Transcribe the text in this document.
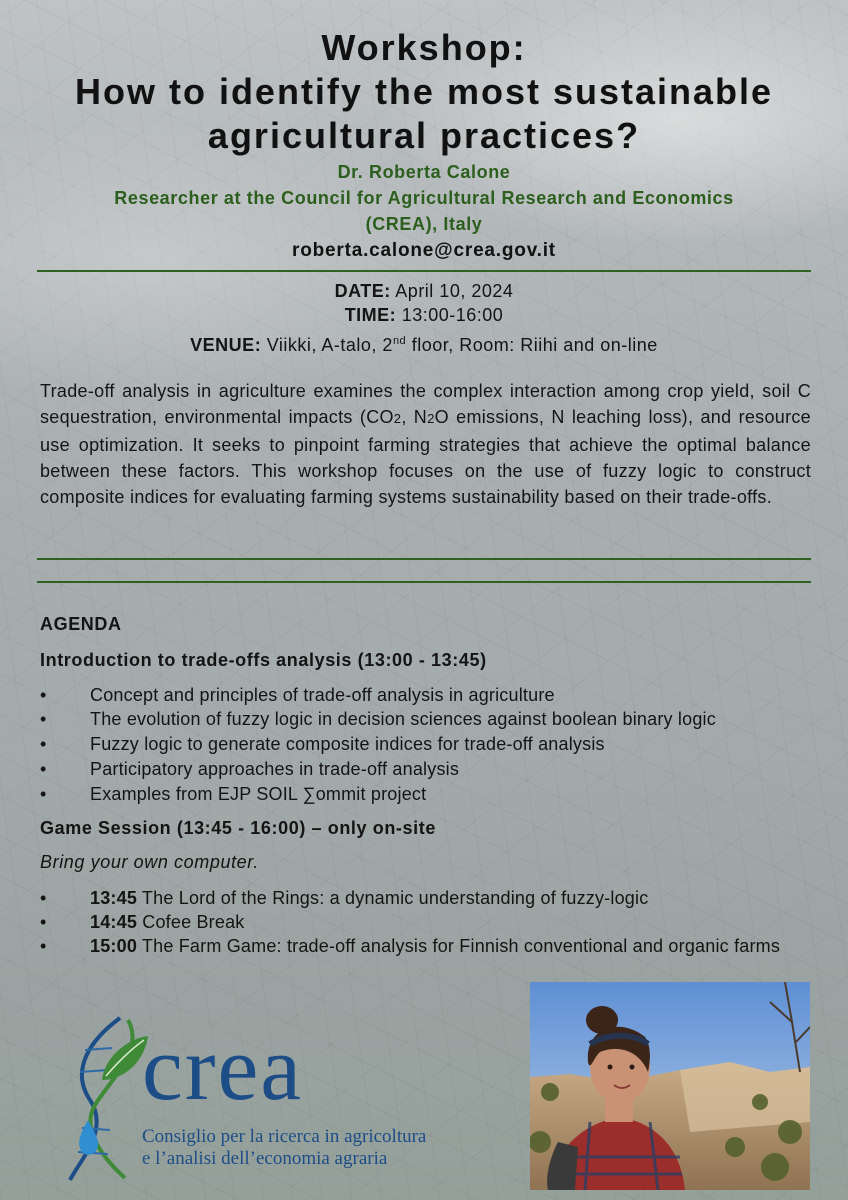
Workshop:
How to identify the most sustainable
agricultural practices?
Dr. Roberta Calone
Researcher at the Council for Agricultural Research and Economics
(CREA), Italy
roberta.calone@crea.gov.it
DATE: April 10, 2024
TIME: 13:00-16:00
VENUE: Viikki, A-talo, 2nd floor, Room: Riihi and on-line
Trade-off analysis in agriculture examines the complex interaction among crop yield, soil C sequestration, environmental impacts (CO2, N2O emissions, N leaching loss), and resource use optimization. It seeks to pinpoint farming strategies that achieve the optimal balance between these factors. This workshop focuses on the use of fuzzy logic to construct composite indices for evaluating farming systems sustainability based on their trade-offs.
AGENDA
Introduction to trade-offs analysis (13:00 - 13:45)
• Concept and principles of trade-off analysis in agriculture
• The evolution of fuzzy logic in decision sciences against boolean binary logic
• Fuzzy logic to generate composite indices for trade-off analysis
• Participatory approaches in trade-off analysis
• Examples from EJP SOIL ∑ommit project
Game Session (13:45 - 16:00) – only on-site
Bring your own computer.
• 13:45 The Lord of the Rings: a dynamic understanding of fuzzy-logic
• 14:45 Cofee Break
• 15:00 The Farm Game: trade-off analysis for Finnish conventional and organic farms
crea
Consiglio per la ricerca in agricoltura
e l’analisi dell’economia agraria
